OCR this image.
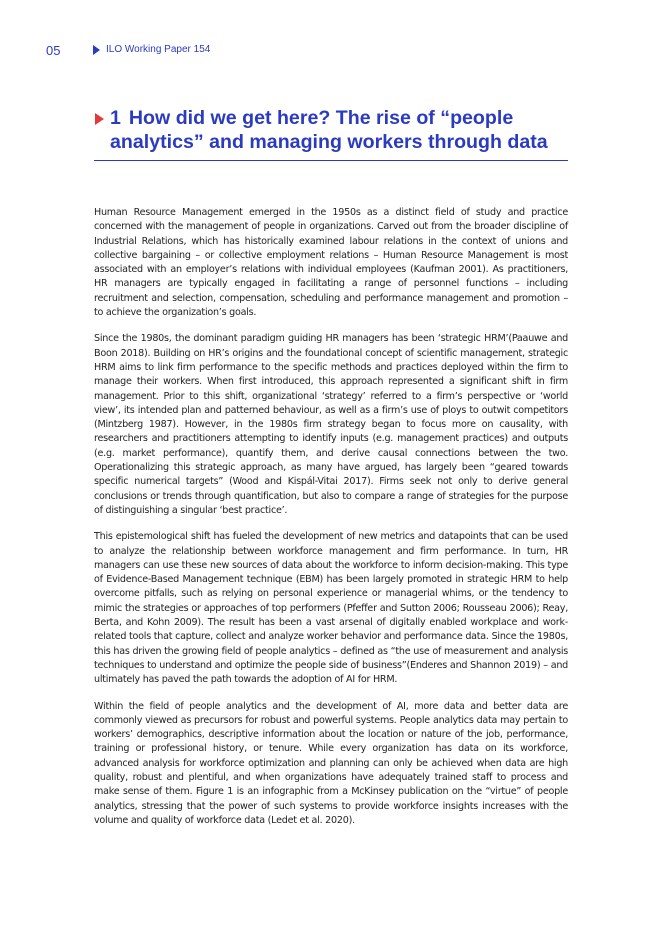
05	ILO Working Paper 154
1 How did we get here? The rise of “people analytics” and managing workers through data

Human Resource Management emerged in the 1950s as a distinct field of study and practice concerned with the management of people in organizations. Carved out from the broader discipline of Industrial Relations, which has historically examined labour relations in the context of unions and collective bargaining – or collective employment relations – Human Resource Management is most associated with an employer’s relations with individual employees (Kaufman 2001). As practitioners, HR managers are typically engaged in facilitating a range of personnel functions – including recruitment and selection, compensation, scheduling and performance management and promotion – to achieve the organization’s goals.

Since the 1980s, the dominant paradigm guiding HR managers has been ‘strategic HRM’(Paauwe and Boon 2018). Building on HR’s origins and the foundational concept of scientific management, strategic HRM aims to link firm performance to the specific methods and practices deployed within the firm to manage their workers. When first introduced, this approach represented a significant shift in firm management. Prior to this shift, organizational ‘strategy’ referred to a firm’s perspective or ‘world view’, its intended plan and patterned behaviour, as well as a firm’s use of ploys to outwit competitors (Mintzberg 1987). However, in the 1980s firm strategy began to focus more on causality, with researchers and practitioners attempting to identify inputs (e.g. management practices) and outputs (e.g. market performance), quantify them, and derive causal connections between the two. Operationalizing this strategic approach, as many have argued, has largely been “geared towards specific numerical targets” (Wood and Kispál-Vitai 2017). Firms seek not only to derive general conclusions or trends through quantification, but also to compare a range of strategies for the purpose of distinguishing a singular ‘best practice’.

This epistemological shift has fueled the development of new metrics and datapoints that can be used to analyze the relationship between workforce management and firm performance. In turn, HR managers can use these new sources of data about the workforce to inform decision-making. This type of Evidence-Based Management technique (EBM) has been largely promoted in strategic HRM to help overcome pitfalls, such as relying on personal experience or managerial whims, or the tendency to mimic the strategies or approaches of top performers (Pfeffer and Sutton 2006; Rousseau 2006); Reay, Berta, and Kohn 2009). The result has been a vast arsenal of digitally enabled workplace and work-related tools that capture, collect and analyze worker behavior and performance data. Since the 1980s, this has driven the growing field of people analytics – defined as “the use of measurement and analysis techniques to understand and optimize the people side of business”(Enderes and Shannon 2019) – and ultimately has paved the path towards the adoption of AI for HRM.

Within the field of people analytics and the development of AI, more data and better data are commonly viewed as precursors for robust and powerful systems. People analytics data may pertain to workers’ demographics, descriptive information about the location or nature of the job, performance, training or professional history, or tenure. While every organization has data on its workforce, advanced analysis for workforce optimization and planning can only be achieved when data are high quality, robust and plentiful, and when organizations have adequately trained staff to process and make sense of them. Figure 1 is an infographic from a McKinsey publication on the “virtue” of people analytics, stressing that the power of such systems to provide workforce insights increases with the volume and quality of workforce data (Ledet et al. 2020).
